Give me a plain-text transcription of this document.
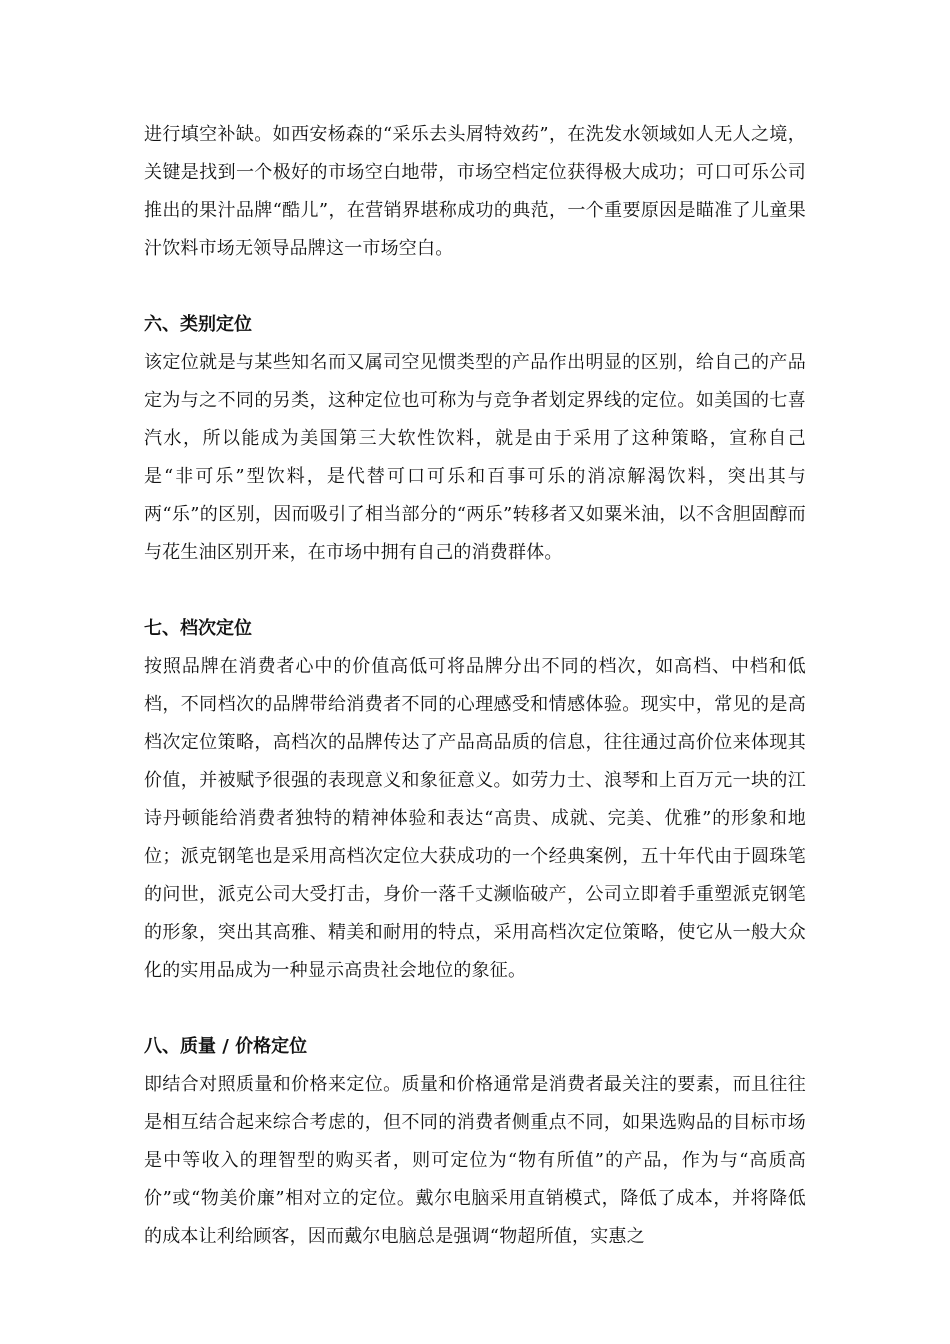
进行填空补缺。如西安杨森的“采乐去头屑特效药”，在洗发水领域如人无人之境，关键是找到一个极好的市场空白地带，市场空档定位获得极大成功；可口可乐公司推出的果汁品牌“酷儿”，在营销界堪称成功的典范，一个重要原因是瞄准了儿童果汁饮料市场无领导品牌这一市场空白。

六、类别定位

该定位就是与某些知名而又属司空见惯类型的产品作出明显的区别，给自己的产品定为与之不同的另类，这种定位也可称为与竞争者划定界线的定位。如美国的七喜汽水，所以能成为美国第三大软性饮料，就是由于采用了这种策略，宣称自己是“非可乐”型饮料，是代替可口可乐和百事可乐的消凉解渴饮料，突出其与两“乐”的区别，因而吸引了相当部分的“两乐”转移者又如粟米油，以不含胆固醇而与花生油区别开来，在市场中拥有自己的消费群体。

七、档次定位

按照品牌在消费者心中的价值高低可将品牌分出不同的档次，如高档、中档和低档，不同档次的品牌带给消费者不同的心理感受和情感体验。现实中，常见的是高档次定位策略，高档次的品牌传达了产品高品质的信息，往往通过高价位来体现其价值，并被赋予很强的表现意义和象征意义。如劳力士、浪琴和上百万元一块的江诗丹顿能给消费者独特的精神体验和表达“高贵、成就、完美、优雅”的形象和地位；派克钢笔也是采用高档次定位大获成功的一个经典案例，五十年代由于圆珠笔的问世，派克公司大受打击，身价一落千丈濒临破产，公司立即着手重塑派克钢笔的形象，突出其高雅、精美和耐用的特点，采用高档次定位策略，使它从一般大众化的实用品成为一种显示高贵社会地位的象征。

八、质量 / 价格定位

即结合对照质量和价格来定位。质量和价格通常是消费者最关注的要素，而且往往是相互结合起来综合考虑的，但不同的消费者侧重点不同，如果选购品的目标市场是中等收入的理智型的购买者，则可定位为“物有所值”的产品，作为与“高质高价”或“物美价廉”相对立的定位。戴尔电脑采用直销模式，降低了成本，并将降低的成本让利给顾客，因而戴尔电脑总是强调“物超所值，实惠之
